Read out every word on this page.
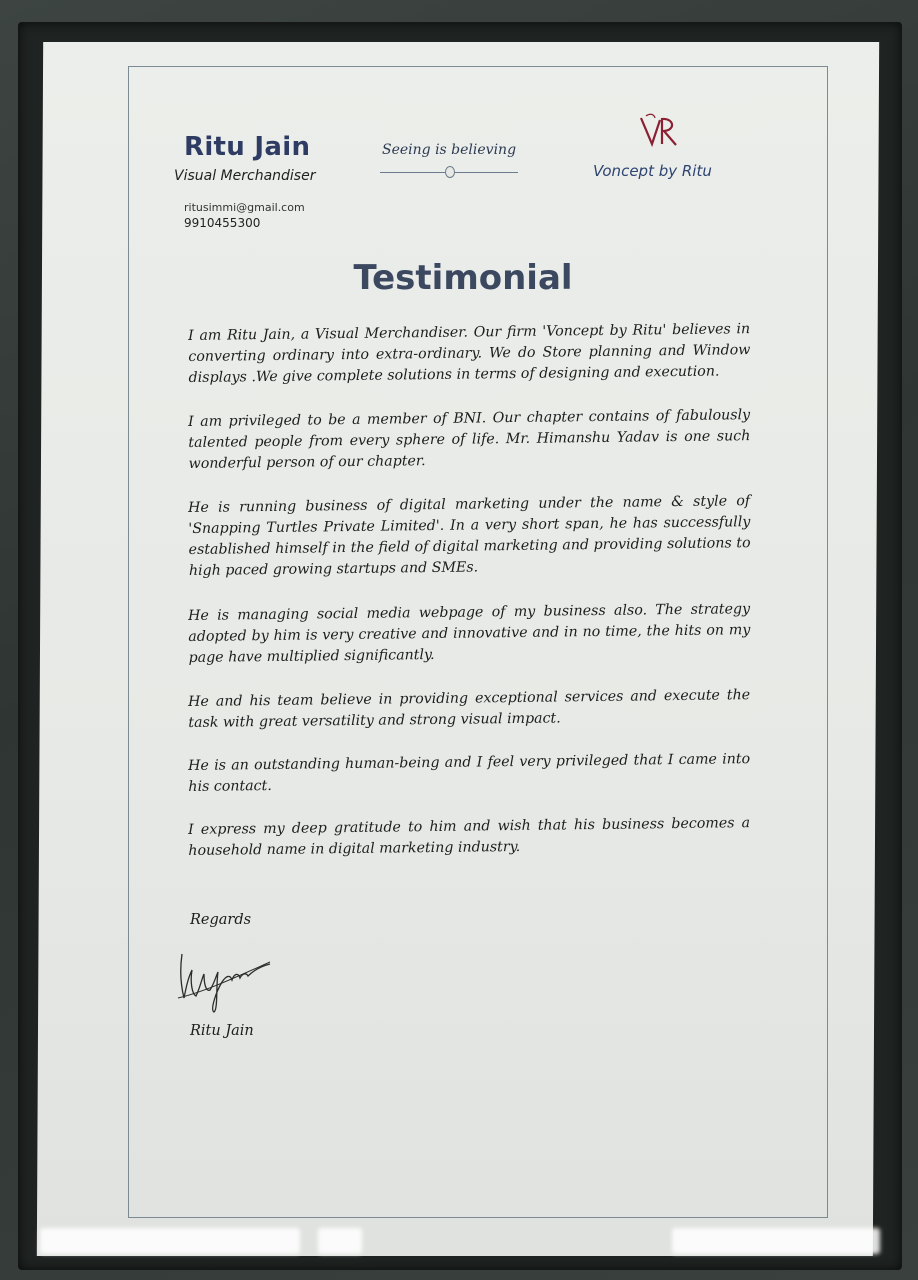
Ritu Jain
Visual Merchandiser
ritusimmi@gmail.com
9910455300
Seeing is believing
Voncept by Ritu
Testimonial

I am Ritu Jain, a Visual Merchandiser. Our firm 'Voncept by Ritu' believes in converting ordinary into extra-ordinary. We do Store planning and Window displays .We give complete solutions in terms of designing and execution.

I am privileged to be a member of BNI. Our chapter contains of fabulously talented people from every sphere of life. Mr. Himanshu Yadav is one such wonderful person of our chapter.

He is running business of digital marketing under the name & style of 'Snapping Turtles Private Limited'. In a very short span, he has successfully established himself in the field of digital marketing and providing solutions to high paced growing startups and SMEs.

He is managing social media webpage of my business also. The strategy adopted by him is very creative and innovative and in no time, the hits on my page have multiplied significantly.

He and his team believe in providing exceptional services and execute the task with great versatility and strong visual impact.

He is an outstanding human-being and I feel very privileged that I came into his contact.

I express my deep gratitude to him and wish that his business becomes a household name in digital marketing industry.

Regards
Ritu Jain
